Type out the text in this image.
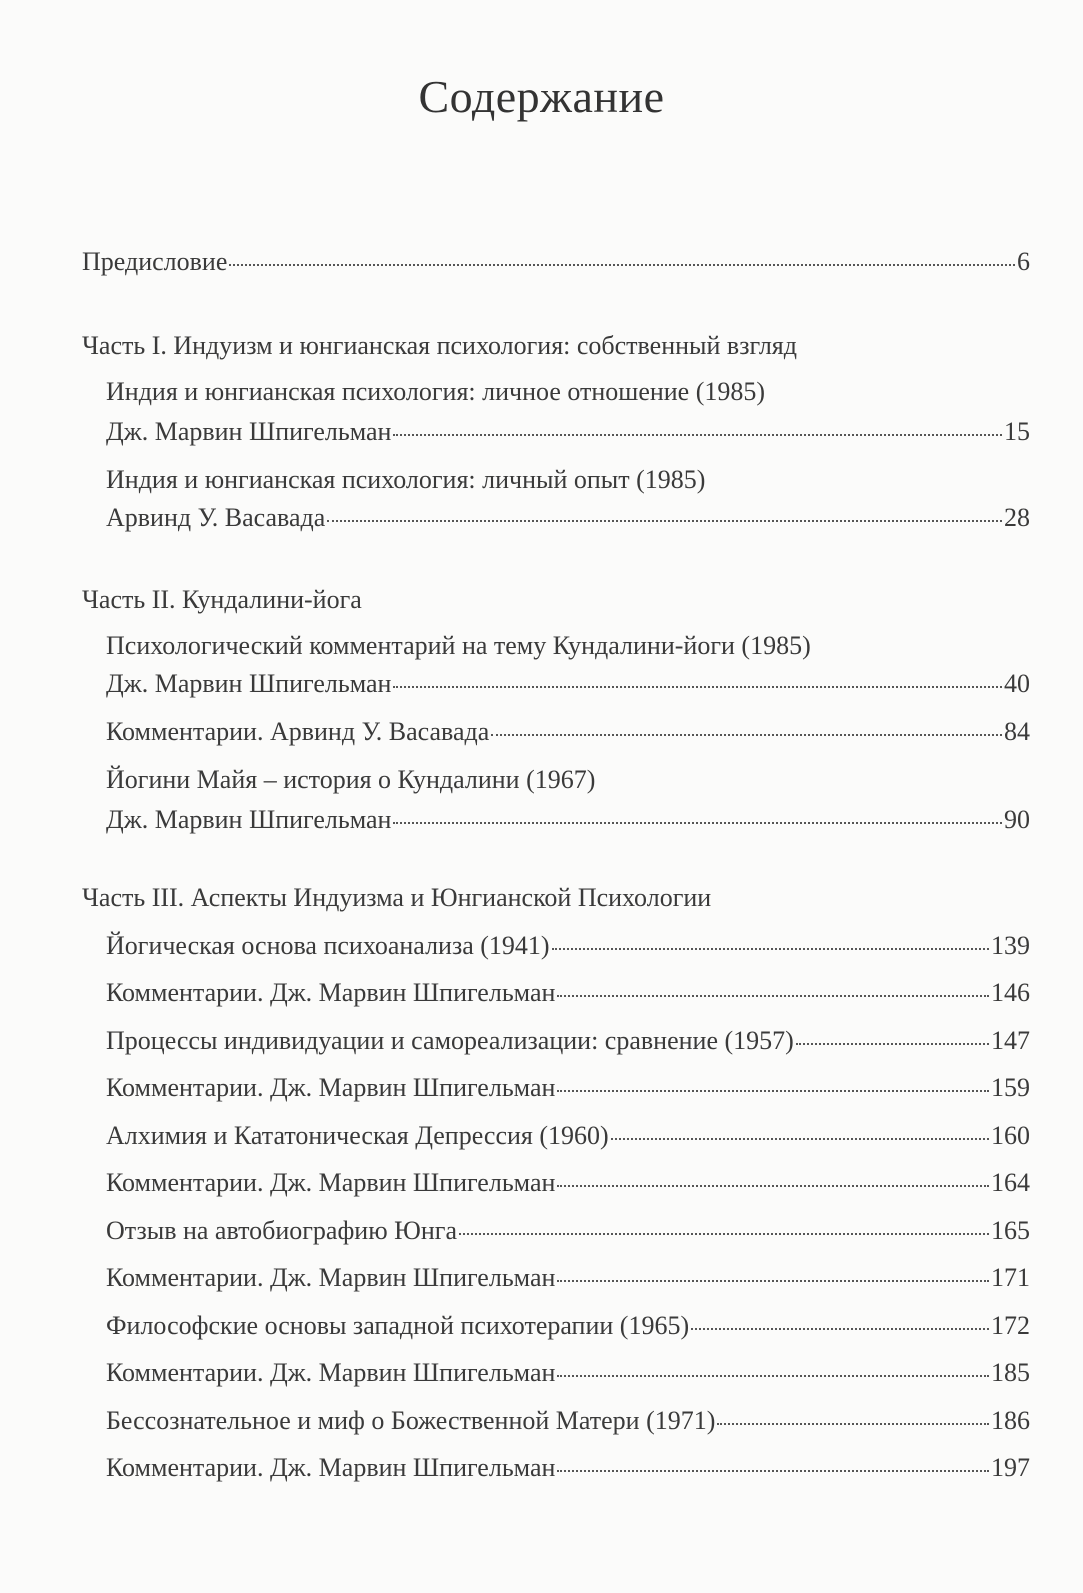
Содержание
Предисловие	6
Часть I. Индуизм и юнгианская психология: собственный взгляд
Индия и юнгианская психология: личное отношение (1985)
Дж. Марвин Шпигельман	15
Индия и юнгианская психология: личный опыт (1985)
Арвинд У. Васавада	28
Часть II. Кундалини-йога
Психологический комментарий на тему Кундалини-йоги (1985)
Дж. Марвин Шпигельман	40
Комментарии. Арвинд У. Васавада	84
Йогини Майя – история о Кундалини (1967)
Дж. Марвин Шпигельман	90
Часть III. Аспекты Индуизма и Юнгианской Психологии
Йогическая основа психоанализа (1941)	139
Комментарии. Дж. Марвин Шпигельман	146
Процессы индивидуации и самореализации: сравнение (1957)	147
Комментарии. Дж. Марвин Шпигельман	159
Алхимия и Кататоническая Депрессия (1960)	160
Комментарии. Дж. Марвин Шпигельман	164
Отзыв на автобиографию Юнга	165
Комментарии. Дж. Марвин Шпигельман	171
Философские основы западной психотерапии (1965)	172
Комментарии. Дж. Марвин Шпигельман	185
Бессознательное и миф о Божественной Матери (1971)	186
Комментарии. Дж. Марвин Шпигельман	197
